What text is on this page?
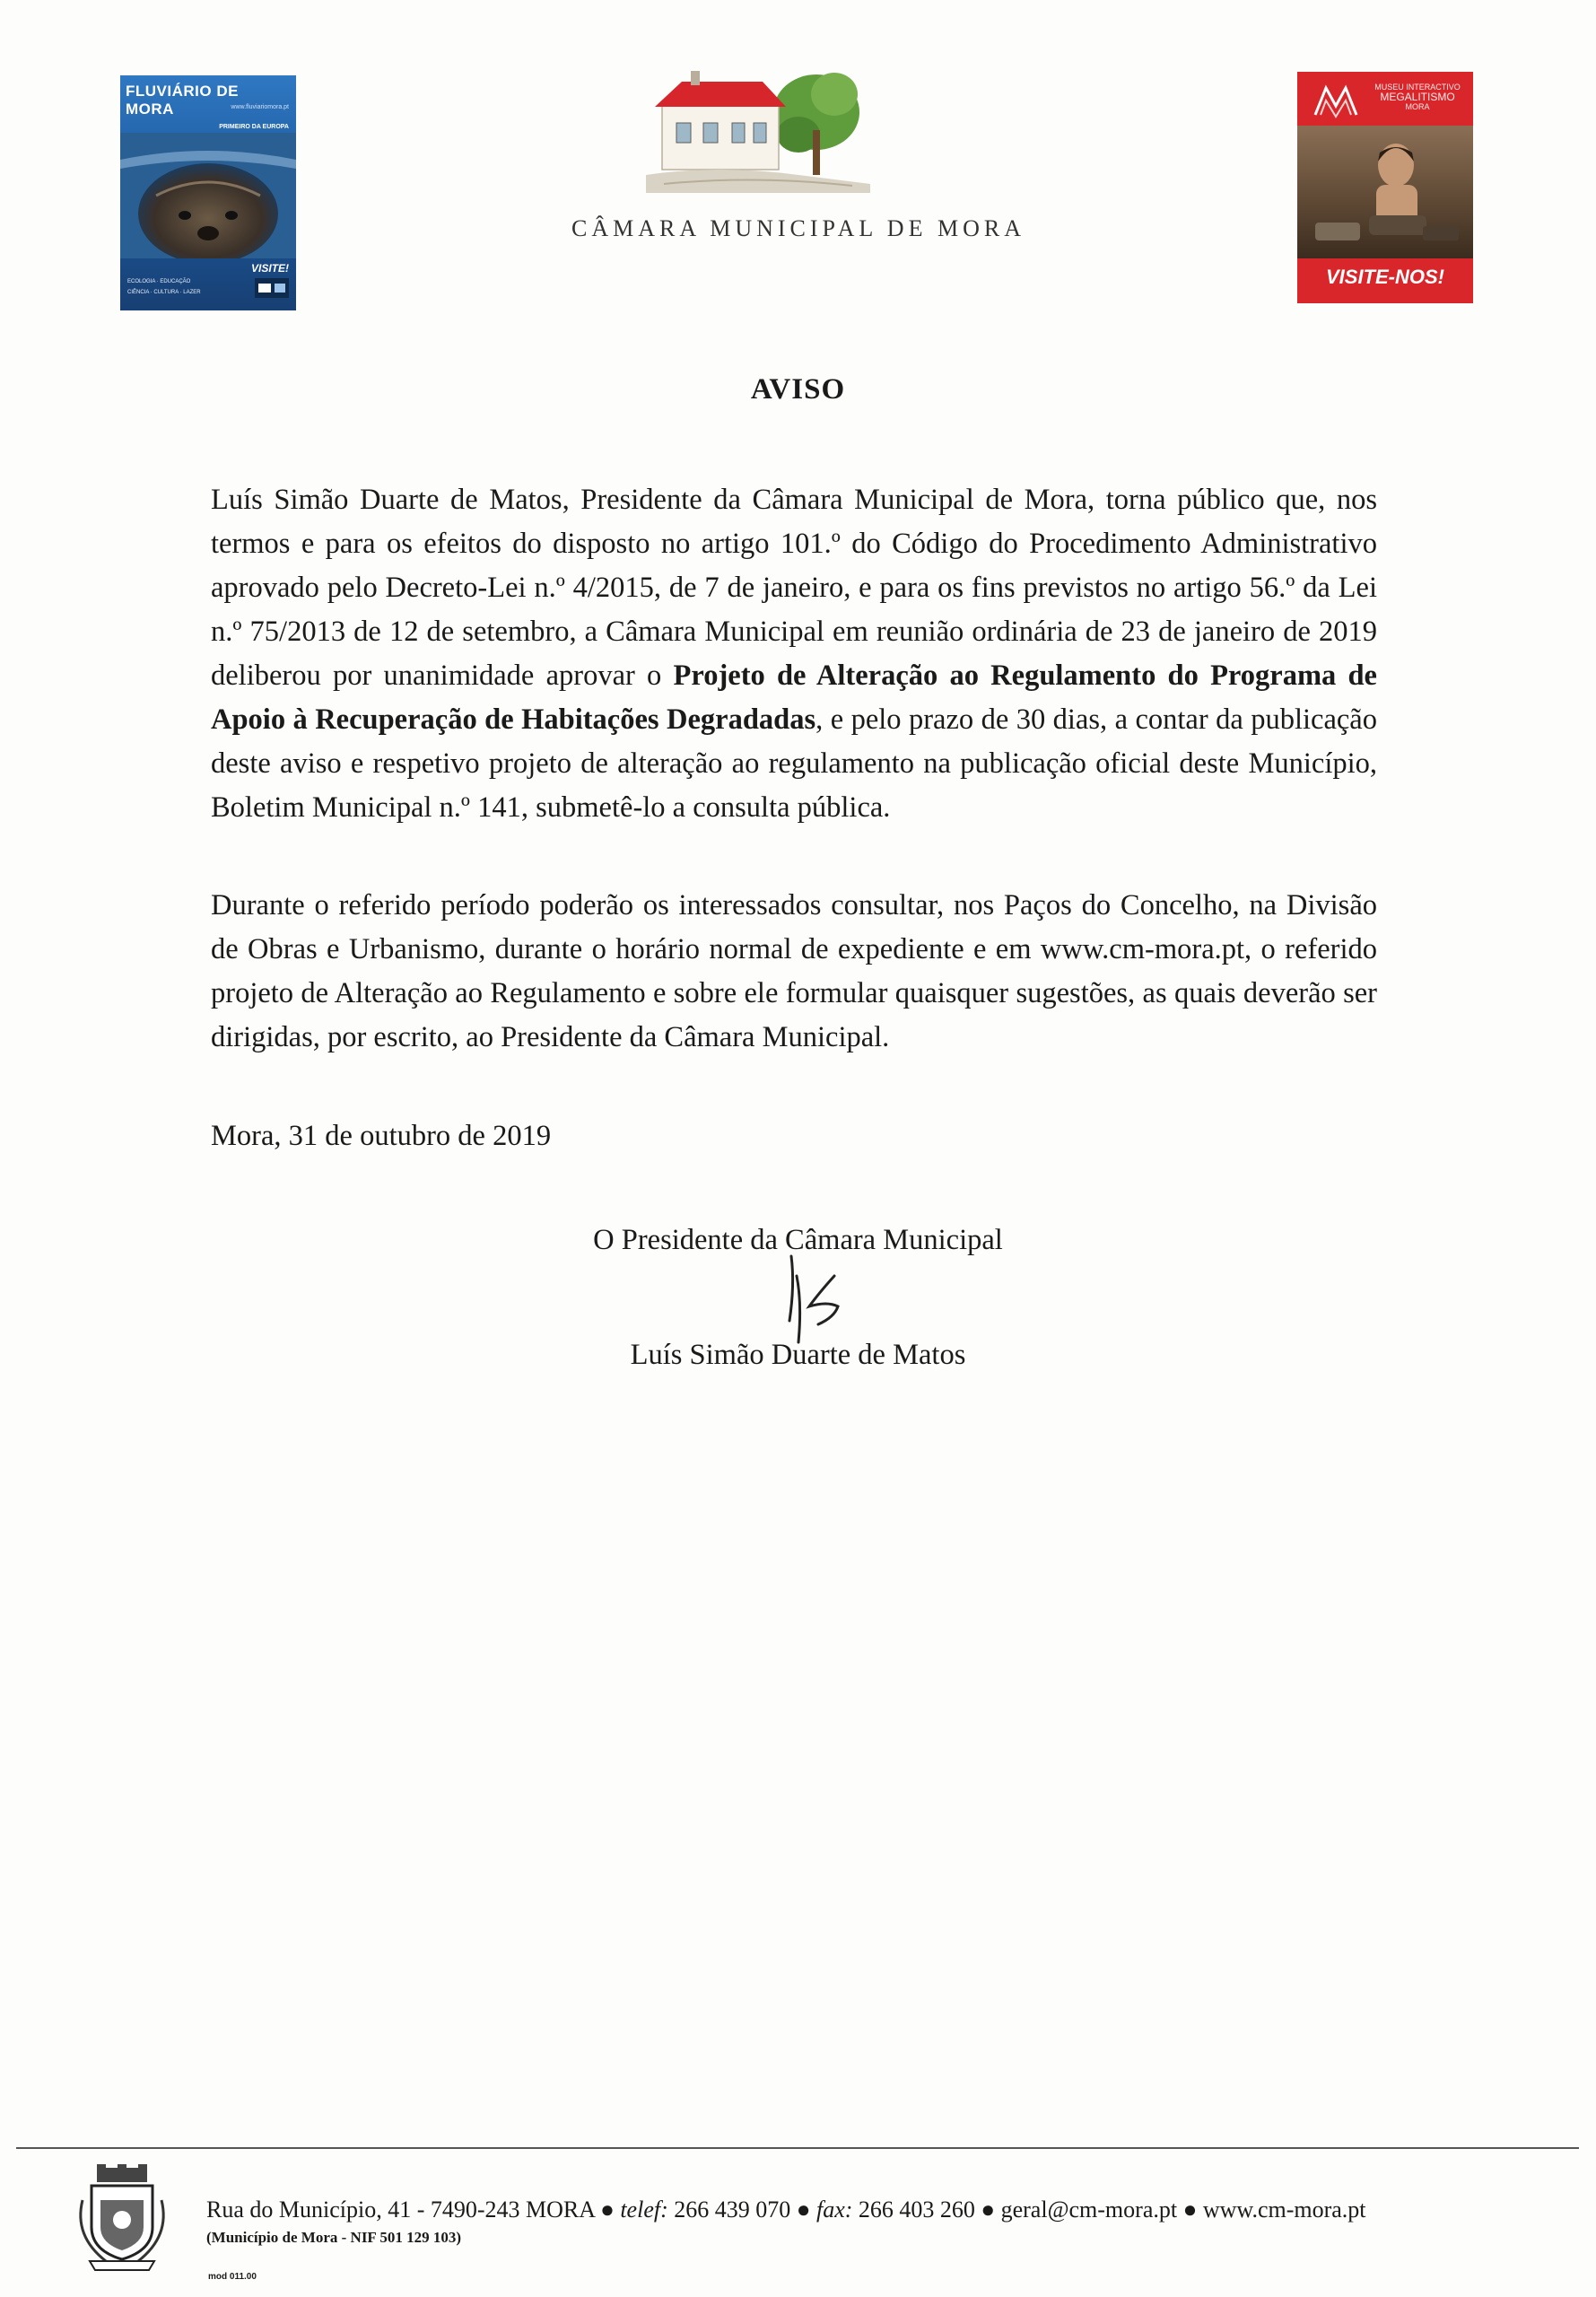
FLUVIÁRIO DE MORA	www.fluviariomora.pt
PRIMEIRO DA EUROPA
VISITE!
ECOLOGIA · EDUCAÇÃO
CIÊNCIA · CULTURA · LAZER
CÂMARA MUNICIPAL DE MORA
MUSEU INTERACTIVO
MEGALITISMO
MORA
VISITE-NOS!
AVISO
Luís Simão Duarte de Matos, Presidente da Câmara Municipal de Mora, torna público que, nos termos e para os efeitos do disposto no artigo 101.º do Código do Procedimento Administrativo aprovado pelo Decreto-Lei n.º 4/2015, de 7 de janeiro, e para os fins previstos no artigo 56.º da Lei n.º 75/2013 de 12 de setembro, a Câmara Municipal em reunião ordinária de 23 de janeiro de 2019 deliberou por unanimidade aprovar o Projeto de Alteração ao Regulamento do Programa de Apoio à Recuperação de Habitações Degradadas, e pelo prazo de 30 dias, a contar da publicação deste aviso e respetivo projeto de alteração ao regulamento na publicação oficial deste Município, Boletim Municipal n.º 141, submetê-lo a consulta pública.
Durante o referido período poderão os interessados consultar, nos Paços do Concelho, na Divisão de Obras e Urbanismo, durante o horário normal de expediente e em www.cm-mora.pt, o referido projeto de Alteração ao Regulamento e sobre ele formular quaisquer sugestões, as quais deverão ser dirigidas, por escrito, ao Presidente da Câmara Municipal.
Mora, 31 de outubro de 2019
O Presidente da Câmara Municipal
Luís Simão Duarte de Matos
Rua do Município, 41 - 7490-243 MORA ● telef: 266 439 070 ● fax: 266 403 260 ● geral@cm-mora.pt ● www.cm-mora.pt
(Município de Mora - NIF 501 129 103)
mod 011.00
